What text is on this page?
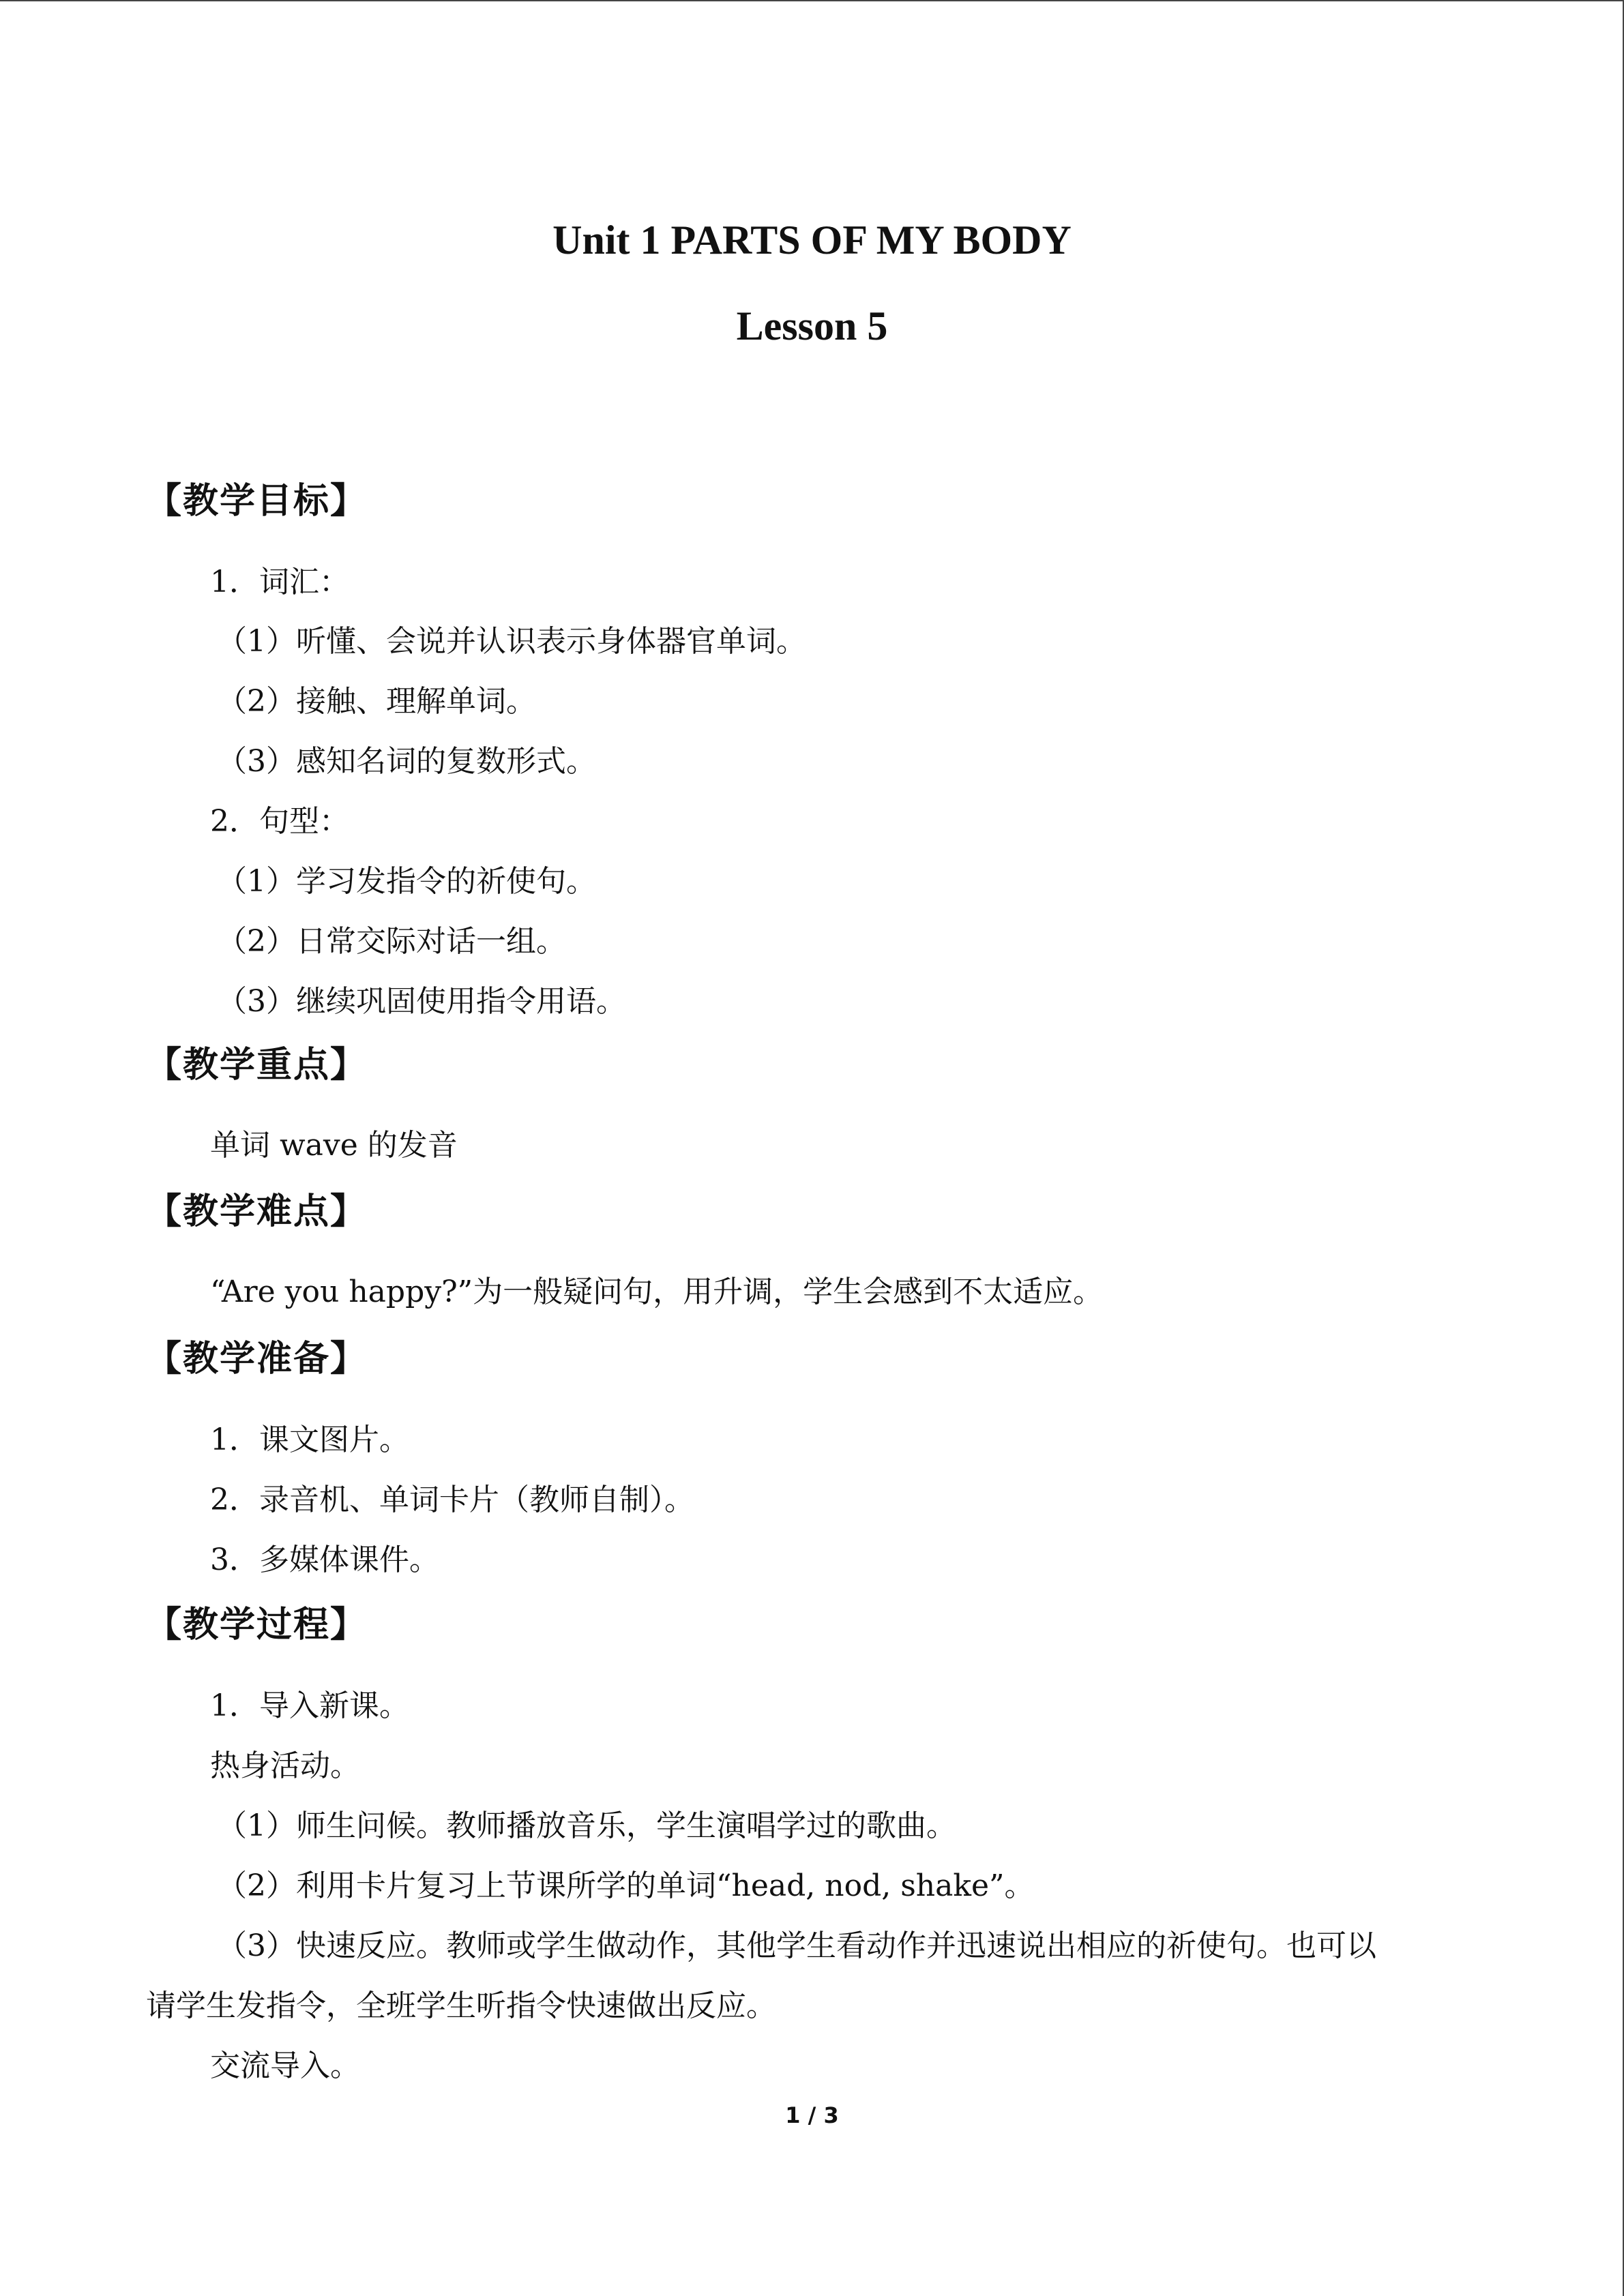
Unit 1 PARTS OF MY BODY
Lesson 5
【教学目标】

1．词汇：

（1）听懂、会说并认识表示身体器官单词。

（2）接触、理解单词。

（3）感知名词的复数形式。

2．句型：

（1）学习发指令的祈使句。

（2）日常交际对话一组。

（3）继续巩固使用指令用语。

【教学重点】

单词 wave 的发音

【教学难点】

“Are you happy?”为一般疑问句，用升调，学生会感到不太适应。

【教学准备】

1．课文图片。

2．录音机、单词卡片（教师自制）。

3．多媒体课件。

【教学过程】

1．导入新课。

热身活动。

（1）师生问候。教师播放音乐，学生演唱学过的歌曲。

（2）利用卡片复习上节课所学的单词“head, nod, shake”。

（3）快速反应。教师或学生做动作，其他学生看动作并迅速说出相应的祈使句。也可以

请学生发指令，全班学生听指令快速做出反应。

交流导入。

1 / 3
